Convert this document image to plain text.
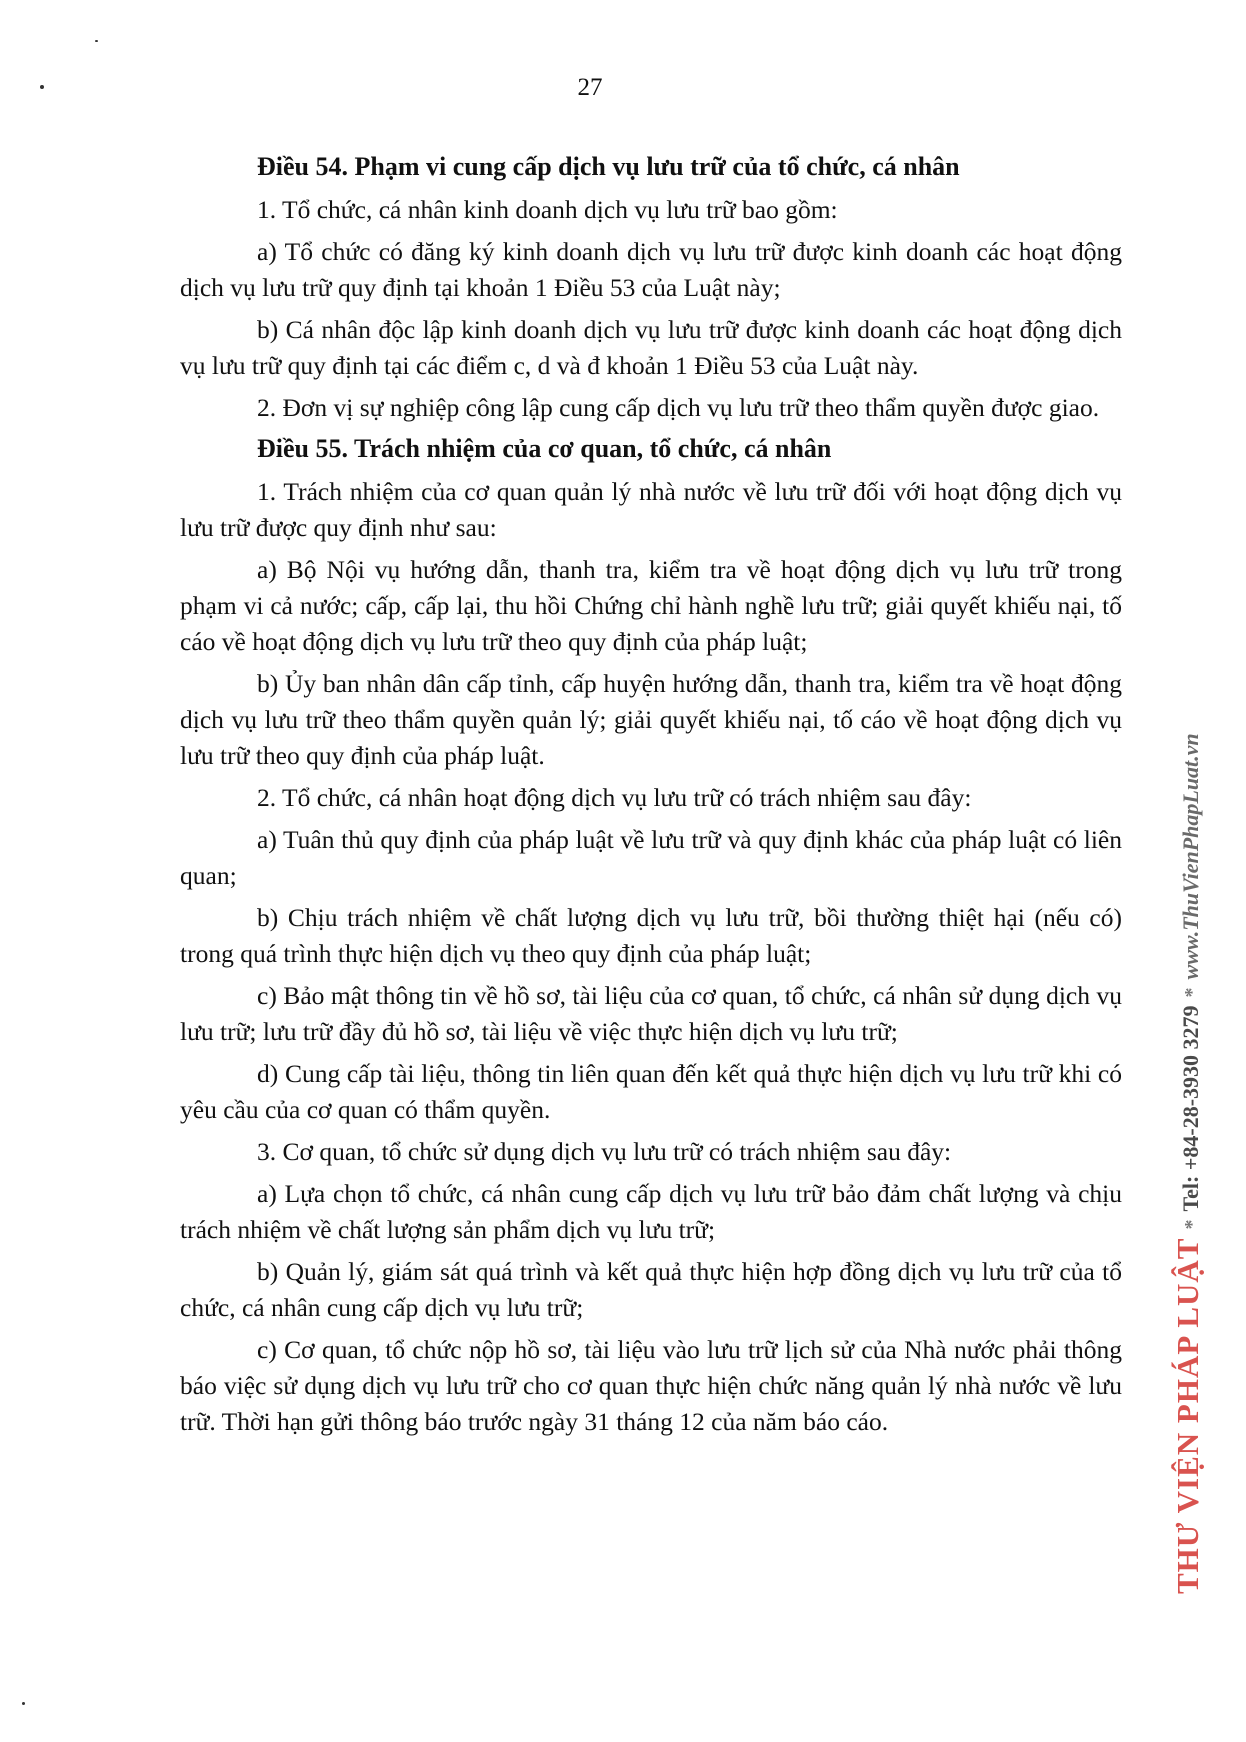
27

Điều 54. Phạm vi cung cấp dịch vụ lưu trữ của tổ chức, cá nhân

1. Tổ chức, cá nhân kinh doanh dịch vụ lưu trữ bao gồm:

a) Tổ chức có đăng ký kinh doanh dịch vụ lưu trữ được kinh doanh các hoạt động dịch vụ lưu trữ quy định tại khoản 1 Điều 53 của Luật này;

b) Cá nhân độc lập kinh doanh dịch vụ lưu trữ được kinh doanh các hoạt động dịch vụ lưu trữ quy định tại các điểm c, d và đ khoản 1 Điều 53 của Luật này.

2. Đơn vị sự nghiệp công lập cung cấp dịch vụ lưu trữ theo thẩm quyền được giao.

Điều 55. Trách nhiệm của cơ quan, tổ chức, cá nhân

1. Trách nhiệm của cơ quan quản lý nhà nước về lưu trữ đối với hoạt động dịch vụ lưu trữ được quy định như sau:

a) Bộ Nội vụ hướng dẫn, thanh tra, kiểm tra về hoạt động dịch vụ lưu trữ trong phạm vi cả nước; cấp, cấp lại, thu hồi Chứng chỉ hành nghề lưu trữ; giải quyết khiếu nại, tố cáo về hoạt động dịch vụ lưu trữ theo quy định của pháp luật;

b) Ủy ban nhân dân cấp tỉnh, cấp huyện hướng dẫn, thanh tra, kiểm tra về hoạt động dịch vụ lưu trữ theo thẩm quyền quản lý; giải quyết khiếu nại, tố cáo về hoạt động dịch vụ lưu trữ theo quy định của pháp luật.

2. Tổ chức, cá nhân hoạt động dịch vụ lưu trữ có trách nhiệm sau đây:

a) Tuân thủ quy định của pháp luật về lưu trữ và quy định khác của pháp luật có liên quan;

b) Chịu trách nhiệm về chất lượng dịch vụ lưu trữ, bồi thường thiệt hại (nếu có) trong quá trình thực hiện dịch vụ theo quy định của pháp luật;

c) Bảo mật thông tin về hồ sơ, tài liệu của cơ quan, tổ chức, cá nhân sử dụng dịch vụ lưu trữ; lưu trữ đầy đủ hồ sơ, tài liệu về việc thực hiện dịch vụ lưu trữ;

d) Cung cấp tài liệu, thông tin liên quan đến kết quả thực hiện dịch vụ lưu trữ khi có yêu cầu của cơ quan có thẩm quyền.

3. Cơ quan, tổ chức sử dụng dịch vụ lưu trữ có trách nhiệm sau đây:

a) Lựa chọn tổ chức, cá nhân cung cấp dịch vụ lưu trữ bảo đảm chất lượng và chịu trách nhiệm về chất lượng sản phẩm dịch vụ lưu trữ;

b) Quản lý, giám sát quá trình và kết quả thực hiện hợp đồng dịch vụ lưu trữ của tổ chức, cá nhân cung cấp dịch vụ lưu trữ;

c) Cơ quan, tổ chức nộp hồ sơ, tài liệu vào lưu trữ lịch sử của Nhà nước phải thông báo việc sử dụng dịch vụ lưu trữ cho cơ quan thực hiện chức năng quản lý nhà nước về lưu trữ. Thời hạn gửi thông báo trước ngày 31 tháng 12 của năm báo cáo.	THƯ VIỆN PHÁP LUẬT
*
Tel: +84-28-3930 3279
*
www.ThuVienPhapLuat.vn
